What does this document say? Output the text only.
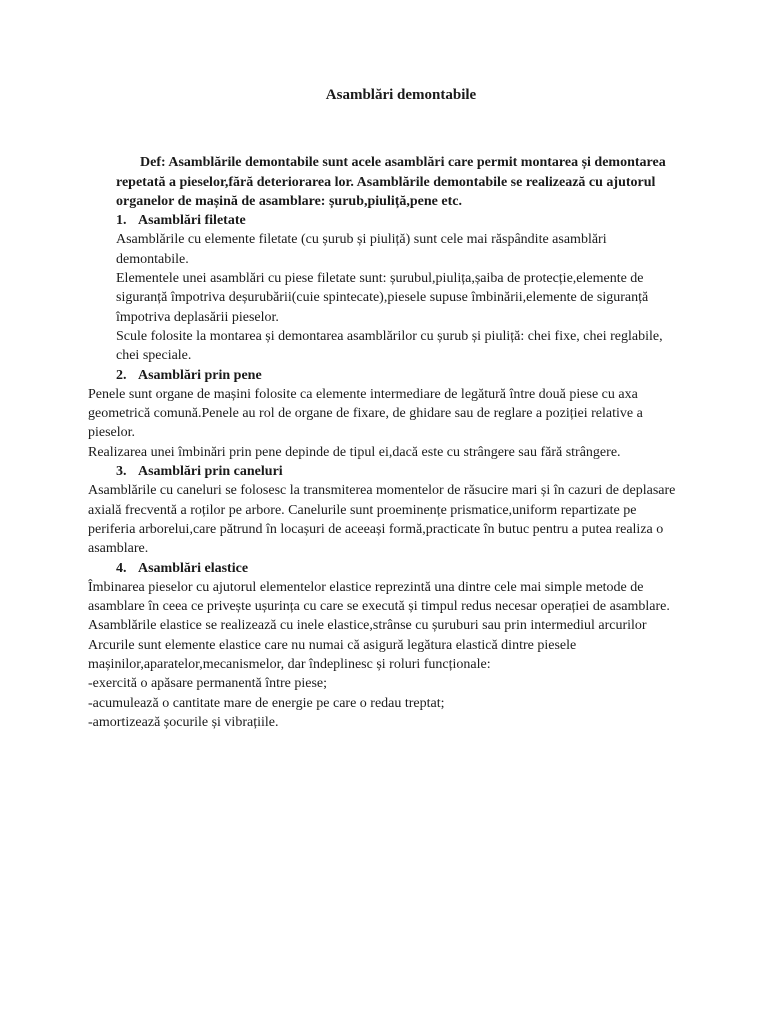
Asamblări demontabile

Def: Asamblările demontabile sunt acele asamblări care permit montarea și demontarea repetată a pieselor,fără deteriorarea lor. Asamblările demontabile se realizează cu ajutorul organelor de mașină de asamblare: șurub,piuliță,pene etc.

1. Asamblări filetate

Asamblările cu elemente filetate (cu șurub și piuliță) sunt cele mai răspândite asamblări demontabile.

Elementele unei asamblări cu piese filetate sunt: șurubul,piulița,șaiba de protecție,elemente de siguranță împotriva deșurubării(cuie spintecate),piesele supuse îmbinării,elemente de siguranță împotriva deplasării pieselor.

Scule folosite la montarea și demontarea asamblărilor cu șurub și piuliță: chei fixe, chei reglabile, chei speciale.

2. Asamblări prin pene

Penele sunt organe de mașini folosite ca elemente intermediare de legătură între două piese cu axa geometrică comună.Penele au rol de organe de fixare, de ghidare sau de reglare a poziției relative a pieselor.

Realizarea unei îmbinări prin pene depinde de tipul ei,dacă este cu strângere sau fără strângere.

3. Asamblări prin caneluri

Asamblările cu caneluri se folosesc la transmiterea momentelor de răsucire mari și în cazuri de deplasare axială frecventă a roților pe arbore. Canelurile sunt proeminențe prismatice,uniform repartizate pe periferia arborelui,care pătrund în locașuri de aceeași formă,practicate în butuc pentru a putea realiza o asamblare.

4. Asamblări elastice

Îmbinarea pieselor cu ajutorul elementelor elastice reprezintă una dintre cele mai simple metode de asamblare în ceea ce privește ușurința cu care se execută și timpul redus necesar operației de asamblare.

Asamblările elastice se realizează cu inele elastice,strânse cu șuruburi sau prin intermediul arcurilor

Arcurile sunt elemente elastice care nu numai că asigură legătura elastică dintre piesele mașinilor,aparatelor,mecanismelor, dar îndeplinesc și roluri funcționale:

-exercită o apăsare permanentă între piese;

-acumulează o cantitate mare de energie pe care o redau treptat;

-amortizează șocurile și vibrațiile.
